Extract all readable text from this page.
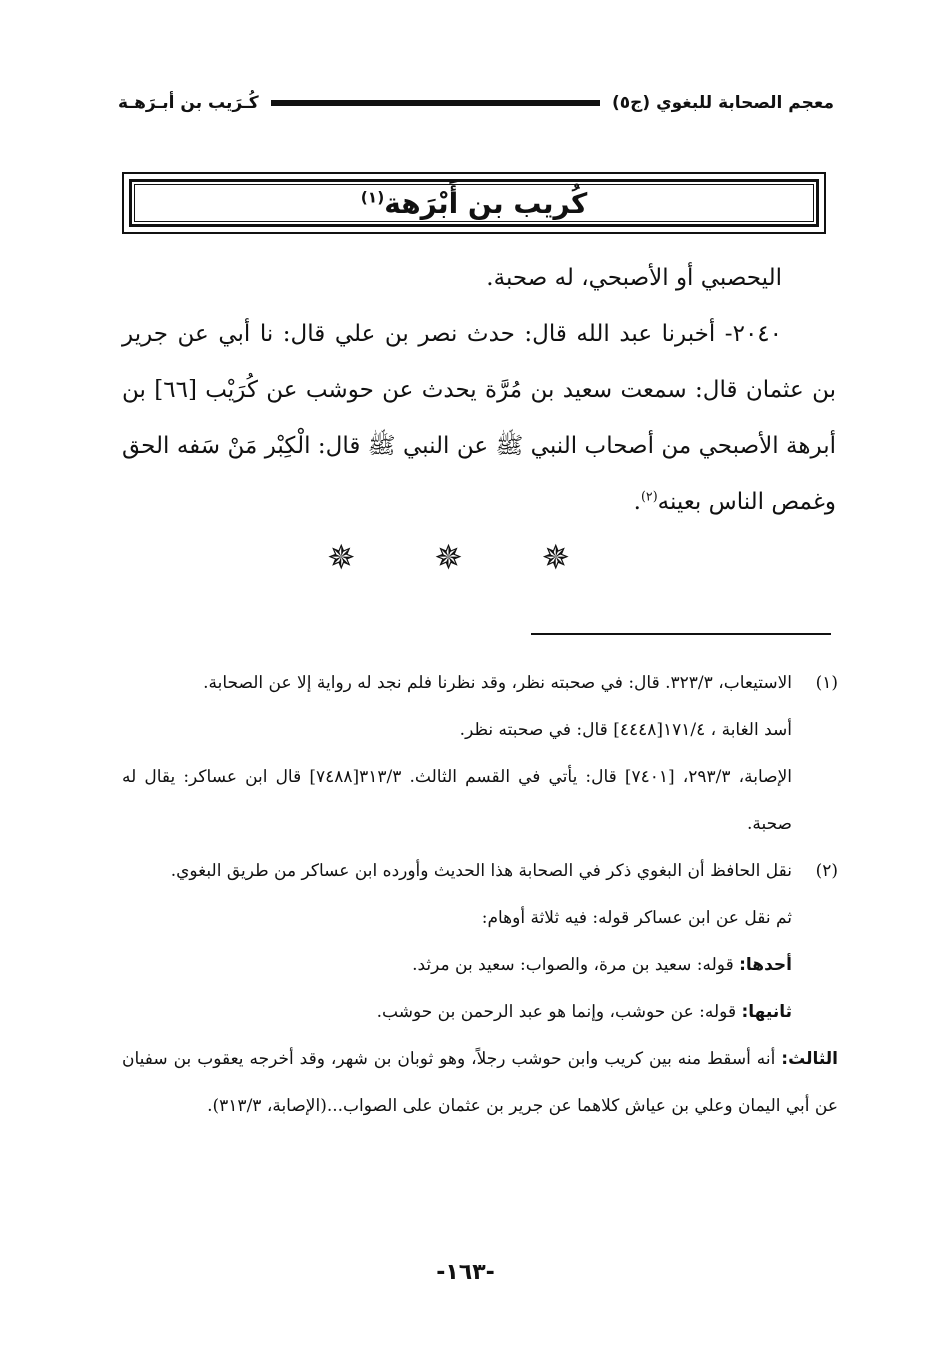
معجم الصحابة للبغوي (ج٥)
كُـرَيب بن أبـرَهـة
كُريب بن أَبْرَهة$^{(١)}$

اليحصبي أو الأصبحي، له صحبة.

٢٠٤٠- أخبرنا عبد الله قال: حدث نصر بن علي قال: نا أبي عن جرير بن عثمان قال: سمعت سعيد بن مُرَّة يحدث عن حوشب عن كُرَيْب [٦٦] بن أبرهة الأصبحي من أصحاب النبي ﷺ عن النبي ﷺ قال: الْكِبْر مَنْ سَفه الحق وغمص الناس بعينه$^{(٢)}$.

✵ ✵ ✵

(١)الاستيعاب، ٣٢٣/٣. قال: في صحبته نظر، وقد نظرنا فلم نجد له رواية إلا عن الصحابة.

أسد الغابة ، ١٧١/٤[٤٤٤٨] قال: في صحبته نظر.

الإصابة، ٢٩٣/٣، [٧٤٠١] قال: يأتي في القسم الثالث. ٣١٣/٣[٧٤٨٨] قال ابن عساكر: يقال له صحبة.

(٢)نقل الحافظ أن البغوي ذكر في الصحابة هذا الحديث وأورده ابن عساكر من طريق البغوي.

ثم نقل عن ابن عساكر قوله: فيه ثلاثة أوهام:

أحدها: قوله: سعيد بن مرة، والصواب: سعيد بن مرثد.

ثانيها: قوله: عن حوشب، وإنما هو عبد الرحمن بن حوشب.

الثالث: أنه أسقط منه بين كريب وابن حوشب رجلاً، وهو ثوبان بن شهر، وقد أخرجه يعقوب بن سفيان عن أبي اليمان وعلي بن عياش كلاهما عن جرير بن عثمان على الصواب...(الإصابة، ٣١٣/٣).

-١٦٣-
